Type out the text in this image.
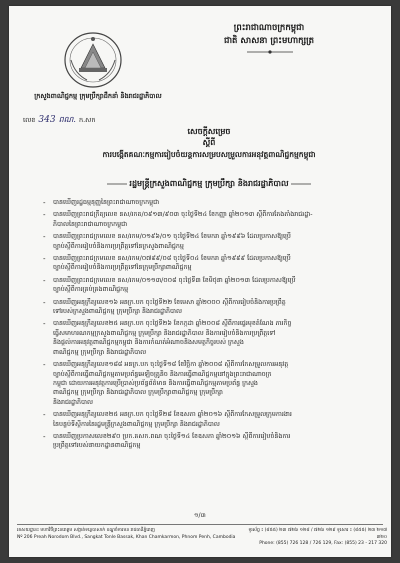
ព្រះរាជាណាចក្រកម្ពុជា
ជាតិ សាសនា ព្រះមហាក្សត្រ
ក្រសួងពាណិជ្ជកម្ម ក្រុមប្រឹក្សាដឹកនាំ និងរាជរដ្ឋាភិបាល
លេខ 343 ពណ. ក.សក
សេចក្តីសម្រេច
ស្តីពី
ការបង្កើតគណៈកម្មការរៀបចំយន្តការសម្របសម្រួលការអនុវត្តពាណិជ្ជកម្មកម្ពុជា
រដ្ឋមន្ត្រីក្រសួងពាណិជ្ជកម្ម ក្រុមប្រឹក្សា និងរាជរដ្ឋាភិបាល
- បានឃើញរដ្ឋធម្មនុញ្ញនៃព្រះរាជាណាចក្រកម្ពុជា
- បានឃើញព្រះរាជក្រឹត្យលេខ នស/រកត/០៩១៣/៩០៣ ចុះថ្ងៃទី២៤ ខែកញ្ញា ឆ្នាំ២០១៣ ស្តីពីការតែងតាំងរាជរដ្ឋា-
ភិបាលនៃព្រះរាជាណាចក្រកម្ពុជា
- បានឃើញព្រះរាជក្រមលេខ នស/រកម/០១៩៦/០១ ចុះថ្ងៃទី២៤ ខែមករា ឆ្នាំ១៩៩៦ ដែលប្រកាសឱ្យប្រើ
ច្បាប់ស្តីពីការរៀបចំនិងការប្រព្រឹត្តទៅនៃក្រសួងពាណិជ្ជកម្ម
- បានឃើញព្រះរាជក្រមលេខ នស/រកម/០៧៩៩/០៨ ចុះថ្ងៃទី០៤ ខែមករា ឆ្នាំ១៩៩៩ ដែលប្រកាសឱ្យប្រើ
ច្បាប់ស្តីពីការរៀបចំនិងការប្រព្រឹត្តទៅនៃក្រុមប្រឹក្សាពាណិជ្ជកម្ម
- បានឃើញព្រះរាជក្រមលេខ នស/រកម/០១១៣/០០៨ ចុះថ្ងៃទី៣ ខែមិថុនា ឆ្នាំ២០១៣ ដែលប្រកាសឱ្យប្រើ
ច្បាប់ស្តីពីការគ្រប់គ្រងពាណិជ្ជកម្ម
- បានឃើញអនុក្រឹត្យលេខ១៦ អនក្រ.បក ចុះថ្ងៃទី២២ ខែមេសា ឆ្នាំ២០០០ ស្តីពីការរៀបចំនិងការប្រព្រឹត្ត
ទៅរបស់ក្រសួងពាណិជ្ជកម្ម ក្រុមប្រឹក្សា និងរាជរដ្ឋាភិបាល
- បានឃើញអនុក្រឹត្យលេខ២៥ អនក្រ.បក ចុះថ្ងៃទី២៦ ខែកក្កដា ឆ្នាំ២០០៨ ស្តីពីការផ្ទេរមុខតំណែង ភារកិច្ច
ធ្វើសមាហរណកម្មក្រសួងពាណិជ្ជកម្ម ក្រុមប្រឹក្សា និងរាជរដ្ឋាភិបាល និងការរៀបចំនិងការប្រព្រឹត្តទៅ
និងផ្តល់ការអនុវត្តពាណិជ្ជកម្មកម្ពុជា និងការកំណត់អំណាចនិងសមត្ថកិច្ចរបស់ ក្រសួង
ពាណិជ្ជកម្ម ក្រុមប្រឹក្សា និងរាជរដ្ឋាភិបាល
- បានឃើញអនុក្រឹត្យលេខ១៨៨ អនក្រ.បក ចុះថ្ងៃទី១៨ ខែវិច្ឆិកា ឆ្នាំ២០០៨ ស្តីពីការកែសម្រួលការអនុវត្ត
ច្បាប់ស្តីពីការធ្វើពាណិជ្ជកម្មតាមប្រព័ន្ធអេឡិចត្រូនិច និងការធ្វើពាណិជ្ជកម្មនៅក្នុងព្រះរាជាណាចក្រ
កម្ពុជា ដោយការអនុវត្តការប្រើប្រាស់ប្រព័ន្ធព័ត៌មាន និងការធ្វើពាណិជ្ជកម្មតាមប្រព័ន្ធ ក្រសួង
ពាណិជ្ជកម្ម ក្រុមប្រឹក្សា និងរាជរដ្ឋាភិបាល ក្រុមប្រឹក្សាពាណិជ្ជកម្ម ក្រុមប្រឹក្សា
និងរាជរដ្ឋាភិបាល
- បានឃើញអនុក្រឹត្យលេខ២៥ អនក្រ.បក ចុះថ្ងៃទី២៨ ខែឧសភា ឆ្នាំ២០១៦ ស្តីពីការកែសម្រួលក្រុមការងារ
នៃបន្ទប់ទីស្តីការនៃរដ្ឋមន្ត្រីក្រសួងពាណិជ្ជកម្ម ក្រុមប្រឹក្សា និងរាជរដ្ឋាភិបាល
- បានឃើញប្រកាសលេខ២៩០ ប្រក.គសក.ពណ ចុះថ្ងៃទី១៤ ខែឧសភា ឆ្នាំ២០១៦ ស្តីពីការរៀបចំនិងការ
ប្រព្រឹត្តទៅរបស់នាយកដ្ឋានពាណិជ្ជកម្ម
១/៣
អាសយដ្ឋាន៖ មហាវិថីព្រះនរោត្តម សង្កាត់ទន្លេបាសាក់ ខណ្ឌចំការមន រាជធានីភ្នំពេញ
Nº 206 Preah Norodom Blvd., Sangkat Tonle Bassak, Khan Chamkarmon, Phnom Penh, Cambodia
ទូរស័ព្ទ ៖ (៨៥៥) ២៣ ៧២៦ ១២៨ / ៧២៦ ១២៩ ទូរសារ ៖ (៨៥៥) ២៣ ២១៧ ៣២០
Phone: (855) 726 128 / 726 129, Fax: (855) 23 - 217 320
